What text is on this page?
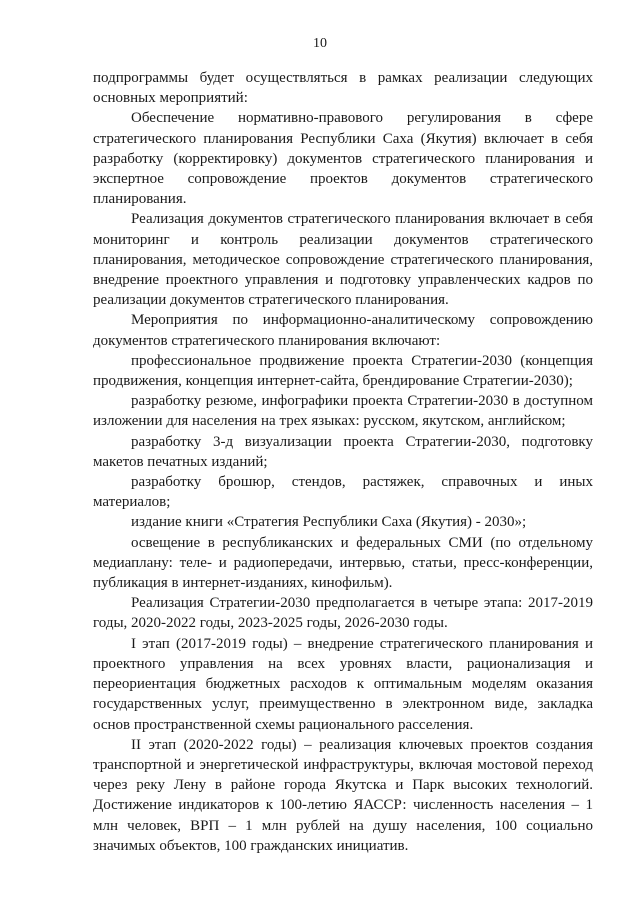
10

подпрограммы будет осуществляться в рамках реализации следующих основных мероприятий:

Обеспечение нормативно-правового регулирования в сфере стратегического планирования Республики Саха (Якутия) включает в себя разработку (корректировку) документов стратегического планирования и экспертное сопровождение проектов документов стратегического планирования.

Реализация документов стратегического планирования включает в себя мониторинг и контроль реализации документов стратегического планирования, методическое сопровождение стратегического планирования, внедрение проектного управления и подготовку управленческих кадров по реализации документов стратегического планирования.

Мероприятия по информационно-аналитическому сопровождению документов стратегического планирования включают:

профессиональное продвижение проекта Стратегии-2030 (концепция продвижения, концепция интернет-сайта, брендирование Стратегии-2030);

разработку резюме, инфографики проекта Стратегии-2030 в доступном изложении для населения на трех языках: русском, якутском, английском;

разработку 3-д визуализации проекта Стратегии-2030, подготовку макетов печатных изданий;

разработку брошюр, стендов, растяжек, справочных и иных материалов;

издание книги «Стратегия Республики Саха (Якутия) - 2030»;

освещение в республиканских и федеральных СМИ (по отдельному медиаплану: теле- и радиопередачи, интервью, статьи, пресс-конференции, публикация в интернет-изданиях, кинофильм).

Реализация Стратегии-2030 предполагается в четыре этапа: 2017-2019 годы, 2020-2022 годы, 2023-2025 годы, 2026-2030 годы.

I этап (2017-2019 годы) – внедрение стратегического планирования и проектного управления на всех уровнях власти, рационализация и переориентация бюджетных расходов к оптимальным моделям оказания государственных услуг, преимущественно в электронном виде, закладка основ пространственной схемы рационального расселения.

II этап (2020-2022 годы) – реализация ключевых проектов создания транспортной и энергетической инфраструктуры, включая мостовой переход через реку Лену в районе города Якутска и Парк высоких технологий. Достижение индикаторов к 100-летию ЯАССР: численность населения – 1 млн человек, ВРП – 1 млн рублей на душу населения, 100 социально значимых объектов, 100 гражданских инициатив.
